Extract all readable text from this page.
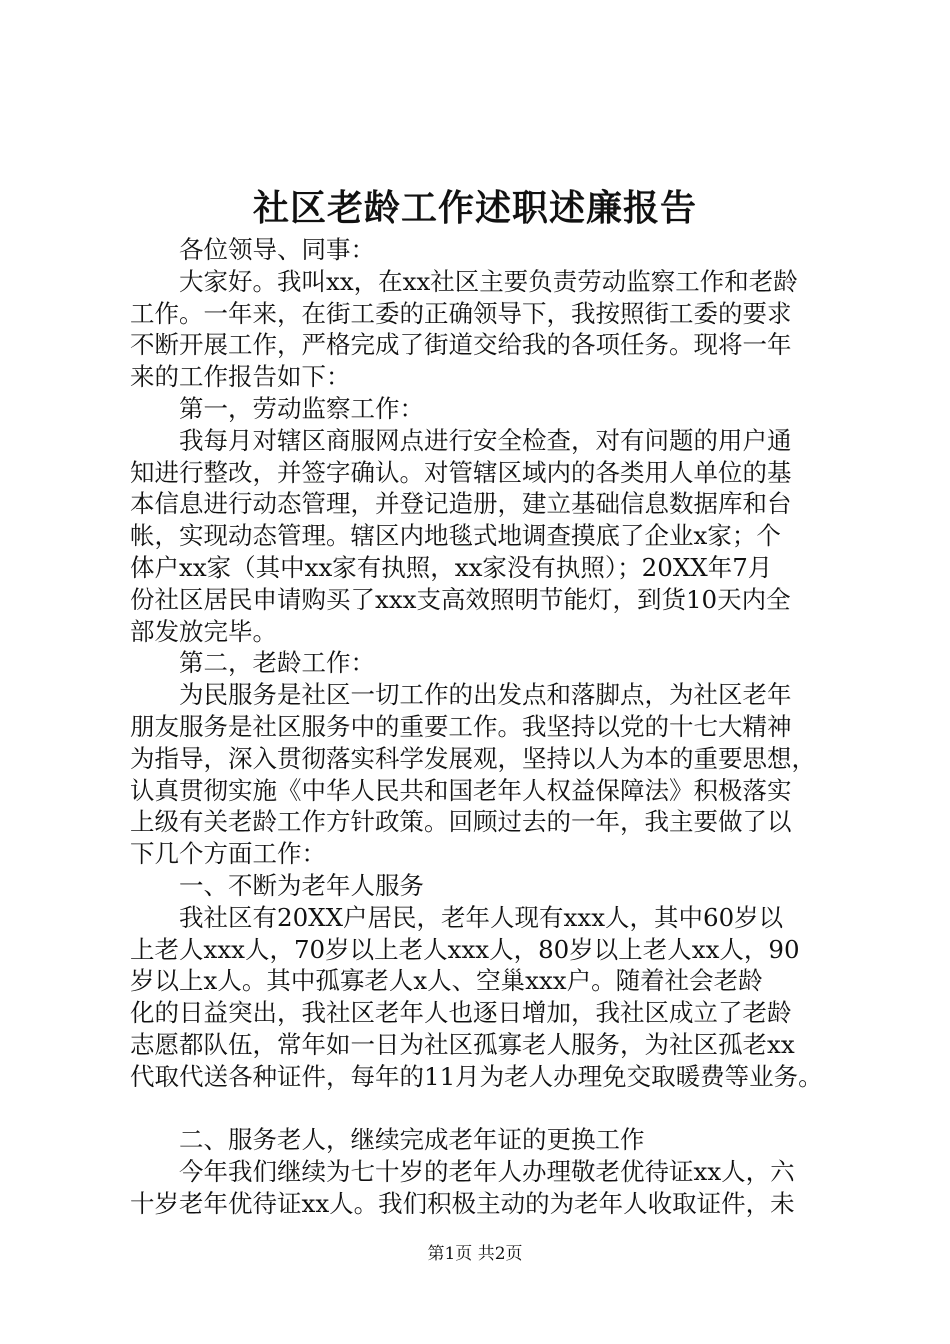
社区老龄工作述职述廉报告
各位领导、同事：
大家好。我叫xx，在xx社区主要负责劳动监察工作和老龄
工作。一年来，在街工委的正确领导下，我按照街工委的要求
不断开展工作，严格完成了街道交给我的各项任务。现将一年
来的工作报告如下：
第一，劳动监察工作：
我每月对辖区商服网点进行安全检查，对有问题的用户通
知进行整改，并签字确认。对管辖区域内的各类用人单位的基
本信息进行动态管理，并登记造册，建立基础信息数据库和台
帐，实现动态管理。辖区内地毯式地调查摸底了企业x家；个
体户xx家（其中xx家有执照，xx家没有执照）；20XX年7月
份社区居民申请购买了xxx支高效照明节能灯，到货10天内全
部发放完毕。
第二，老龄工作：
为民服务是社区一切工作的出发点和落脚点，为社区老年
朋友服务是社区服务中的重要工作。我坚持以党的十七大精神
为指导，深入贯彻落实科学发展观，坚持以人为本的重要思想，
认真贯彻实施《中华人民共和国老年人权益保障法》积极落实
上级有关老龄工作方针政策。回顾过去的一年，我主要做了以
下几个方面工作：
一、不断为老年人服务
我社区有20XX户居民，老年人现有xxx人，其中60岁以
上老人xxx人，70岁以上老人xxx人，80岁以上老人xx人，90
岁以上x人。其中孤寡老人x人、空巢xxx户。随着社会老龄
化的日益突出，我社区老年人也逐日增加，我社区成立了老龄
志愿都队伍，常年如一日为社区孤寡老人服务，为社区孤老xx
代取代送各种证件，每年的11月为老人办理免交取暖费等业务。
二、服务老人，继续完成老年证的更换工作
今年我们继续为七十岁的老年人办理敬老优待证xx人，六
十岁老年优待证xx人。我们积极主动的为老年人收取证件，未
第1页 共2页
